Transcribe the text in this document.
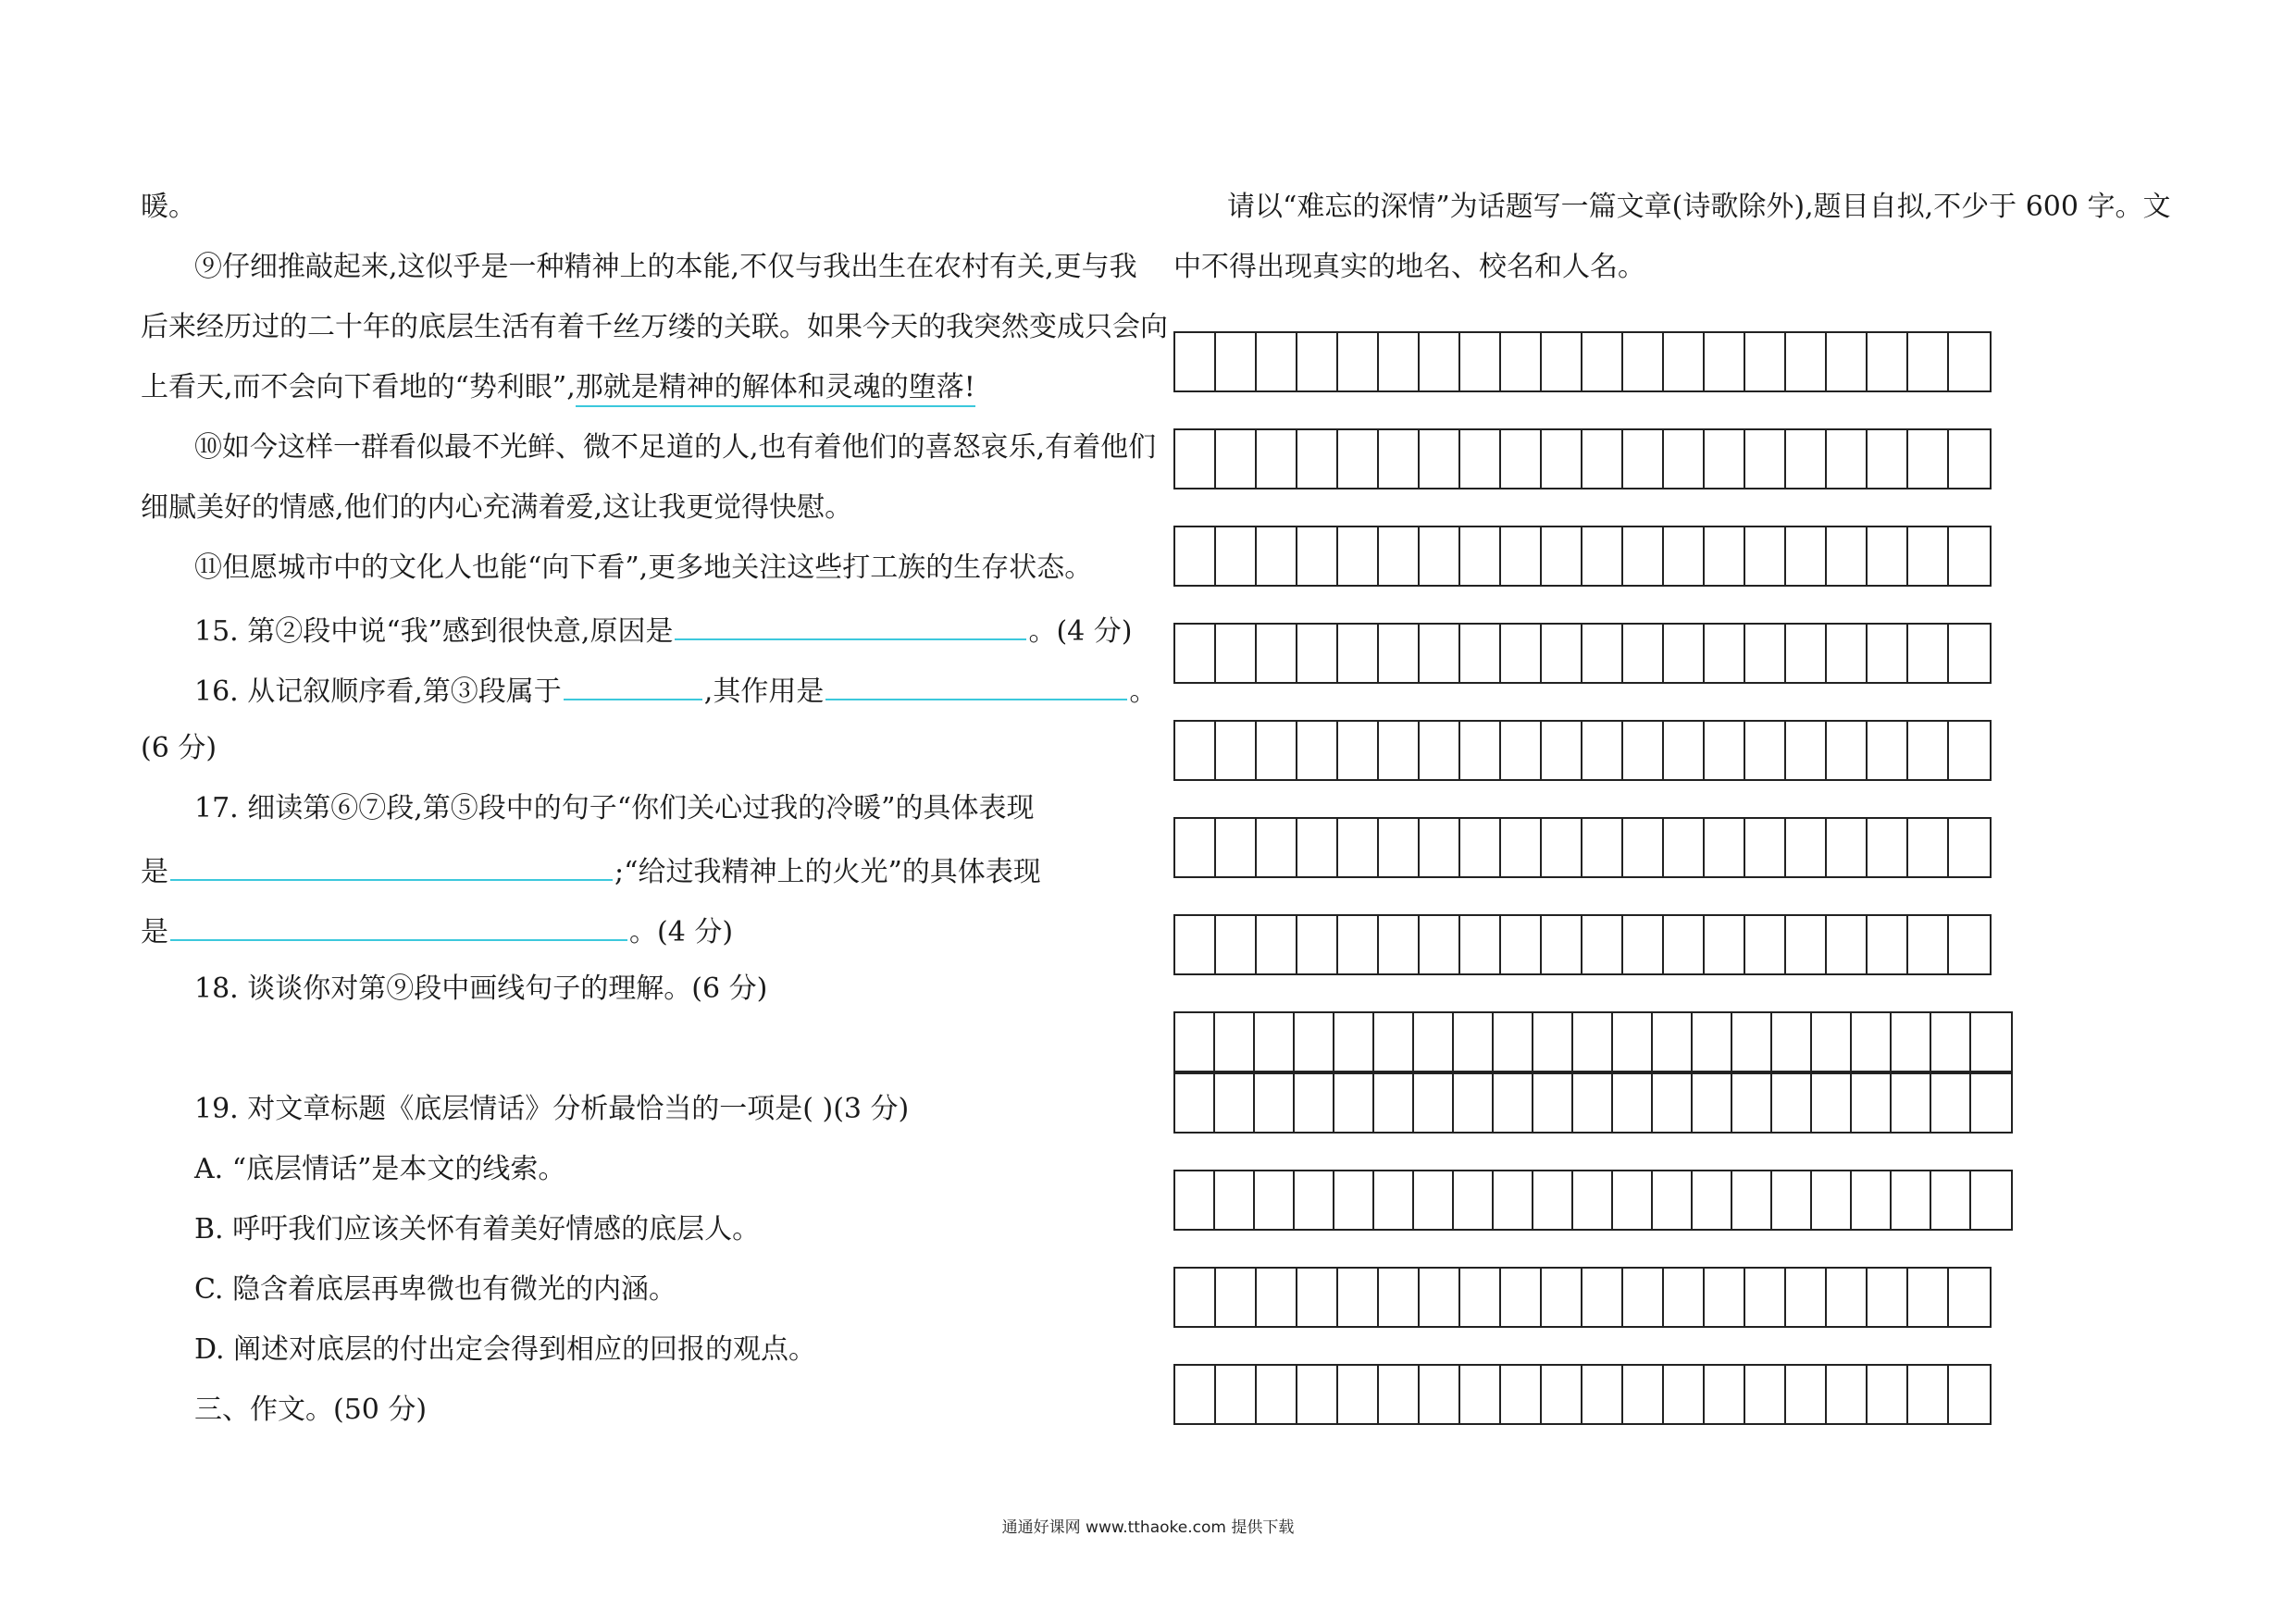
暖。
⑨仔细推敲起来,这似乎是一种精神上的本能,不仅与我出生在农村有关,更与我
后来经历过的二十年的底层生活有着千丝万缕的关联。如果今天的我突然变成只会向
上看天,而不会向下看地的“势利眼”,那就是精神的解体和灵魂的堕落!
⑩如今这样一群看似最不光鲜、微不足道的人,也有着他们的喜怒哀乐,有着他们
细腻美好的情感,他们的内心充满着爱,这让我更觉得快慰。
⑪但愿城市中的文化人也能“向下看”,更多地关注这些打工族的生存状态。
15. 第②段中说“我”感到很快意,原因是	。(4 分)
16. 从记叙顺序看,第③段属于	,其作用是	。
(6 分)
17. 细读第⑥⑦段,第⑤段中的句子“你们关心过我的冷暖”的具体表现
是	;“给过我精神上的火光”的具体表现
是	。(4 分)
18. 谈谈你对第⑨段中画线句子的理解。(6 分)
19. 对文章标题《底层情话》分析最恰当的一项是( )(3 分)
A. “底层情话”是本文的线索。
B. 呼吁我们应该关怀有着美好情感的底层人。
C. 隐含着底层再卑微也有微光的内涵。
D. 阐述对底层的付出定会得到相应的回报的观点。
三、作文。(50 分)
请以“难忘的深情”为话题写一篇文章(诗歌除外),题目自拟,不少于 600 字。文
中不得出现真实的地名、校名和人名。
通通好课网 www.tthaoke.com 提供下载
